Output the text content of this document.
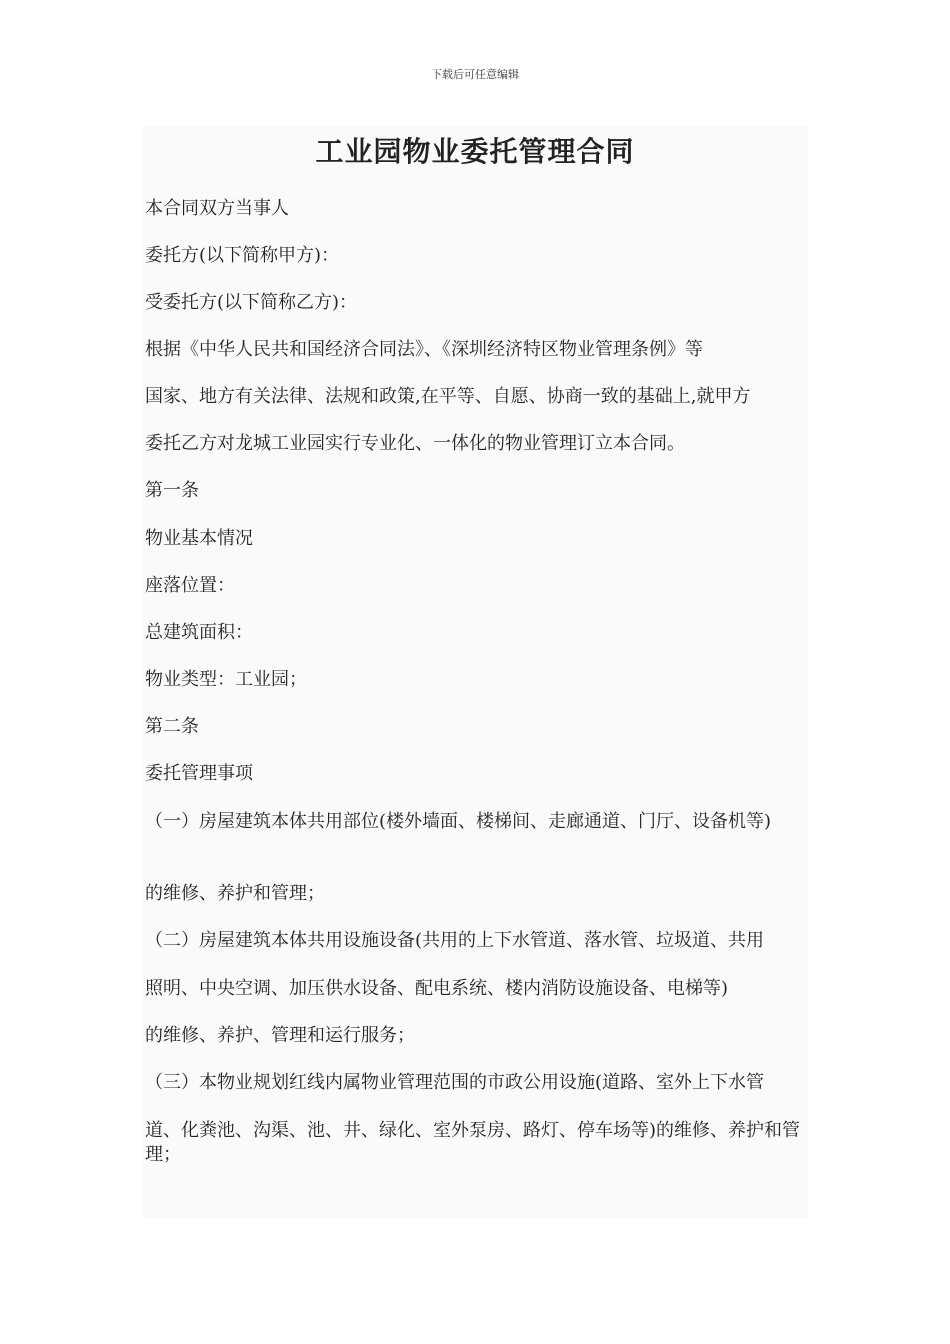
下载后可任意编辑
工业园物业委托管理合同
本合同双方当事人
委托方(以下简称甲方)：
受委托方(以下简称乙方)：
根据《中华人民共和国经济合同法》、《深圳经济特区物业管理条例》等
国家、地方有关法律、法规和政策,在平等、自愿、协商一致的基础上,就甲方
委托乙方对龙城工业园实行专业化、一体化的物业管理订立本合同。
第一条
物业基本情况
座落位置：
总建筑面积：
物业类型：工业园；
第二条
委托管理事项
（一）房屋建筑本体共用部位(楼外墙面、楼梯间、走廊通道、门厅、设备机等)
的维修、养护和管理；
（二）房屋建筑本体共用设施设备(共用的上下水管道、落水管、垃圾道、共用
照明、中央空调、加压供水设备、配电系统、楼内消防设施设备、电梯等)
的维修、养护、管理和运行服务；
（三）本物业规划红线内属物业管理范围的市政公用设施(道路、室外上下水管
道、化粪池、沟渠、池、井、绿化、室外泵房、路灯、停车场等)的维修、养护和管理；
